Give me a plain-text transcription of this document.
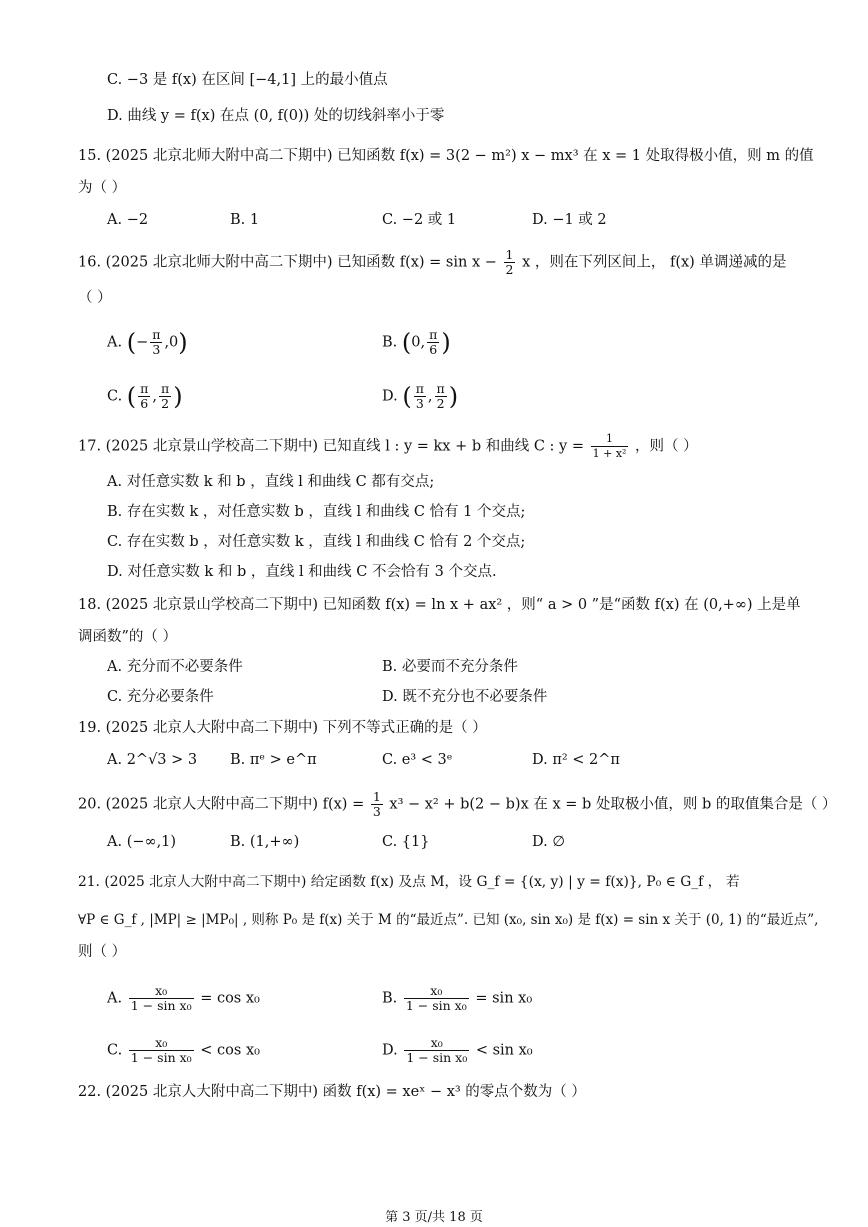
C. −3 是 f(x) 在区间 [−4,1] 上的最小值点
D. 曲线 y = f(x) 在点 (0, f(0)) 处的切线斜率小于零
15. (2025 北京北师大附中高二下期中) 已知函数 f(x) = 3(2 − m²) x − mx³ 在 x = 1 处取得极小值，则 m 的值
为（ ）
A. −2	B. 1	C. −2 或 1	D. −1 或 2
16. (2025 北京北师大附中高二下期中) 已知函数 $f(x) = \sin x - \frac{1}{2}$ x ，则在下列区间上， f(x) 单调递减的是
（ ）
A. (− $\frac{\pi}{3} ,0$)	B. (0, $\frac{\pi}{6}$ )
C. ( $\frac{\pi}{6}$ , $\frac{\pi}{2}$ )	D. ( $\frac{\pi}{3}$ , $\frac{\pi}{2}$ )
17. (2025 北京景山学校高二下期中) 已知直线 l : y = kx + b 和曲线 C : $y = \frac{1}{\text{1 + x²}}$ ，则（ ）
A. 对任意实数 k 和 b ，直线 l 和曲线 C 都有交点;
B. 存在实数 k ，对任意实数 b ，直线 l 和曲线 C 恰有 1 个交点;
C. 存在实数 b ，对任意实数 k ，直线 l 和曲线 C 恰有 2 个交点;
D. 对任意实数 k 和 b ，直线 l 和曲线 C 不会恰有 3 个交点.
18. (2025 北京景山学校高二下期中) 已知函数 f(x) = ln x + ax² ，则“ a > 0 ”是“函数 f(x) 在 (0,+∞) 上是单
调函数”的（ ）
A. 充分而不必要条件	B. 必要而不充分条件
C. 充分必要条件	D. 既不充分也不必要条件
19. (2025 北京人大附中高二下期中) 下列不等式正确的是（ ）
A. 2^√3 > 3 B. πᵉ > e^π	C. e³ < 3ᵉ	D. π² < 2^π
20. (2025 北京人大附中高二下期中) $f(x) = \frac{1}{3} x^3 - x^2 + b(2 - b)x$ 在 x = b 处取极小值，则 b 的取值集合是（ ）
A. (−∞,1)	B. (1,+∞)	C. {1}	D. ∅
21. (2025 北京人大附中高二下期中) 给定函数 f(x) 及点 M，设 G_f = {(x, y) | y = f(x)}, P₀ ∈ G_f ， 若
∀P ∈ G_f , |MP| ≥ |MP₀| , 则称 P₀ 是 f(x) 关于 M 的“最近点”. 已知 (x₀, sin x₀) 是 f(x) = sin x 关于 (0, 1) 的“最近点”,
则（ ）
A. $\frac{\text{x₀}}{\text{1 − sin x₀}} = \cos x_0$	B. $\frac{\text{x₀}}{\text{1 − sin x₀}} = \sin x_0$
C. $\frac{\text{x₀}}{\text{1 − sin x₀}} < \cos x_0$	D. $\frac{\text{x₀}}{\text{1 − sin x₀}} < \sin x_0$
22. (2025 北京人大附中高二下期中) 函数 f(x) = xeˣ − x³ 的零点个数为（ ）
第 3 页/共 18 页
